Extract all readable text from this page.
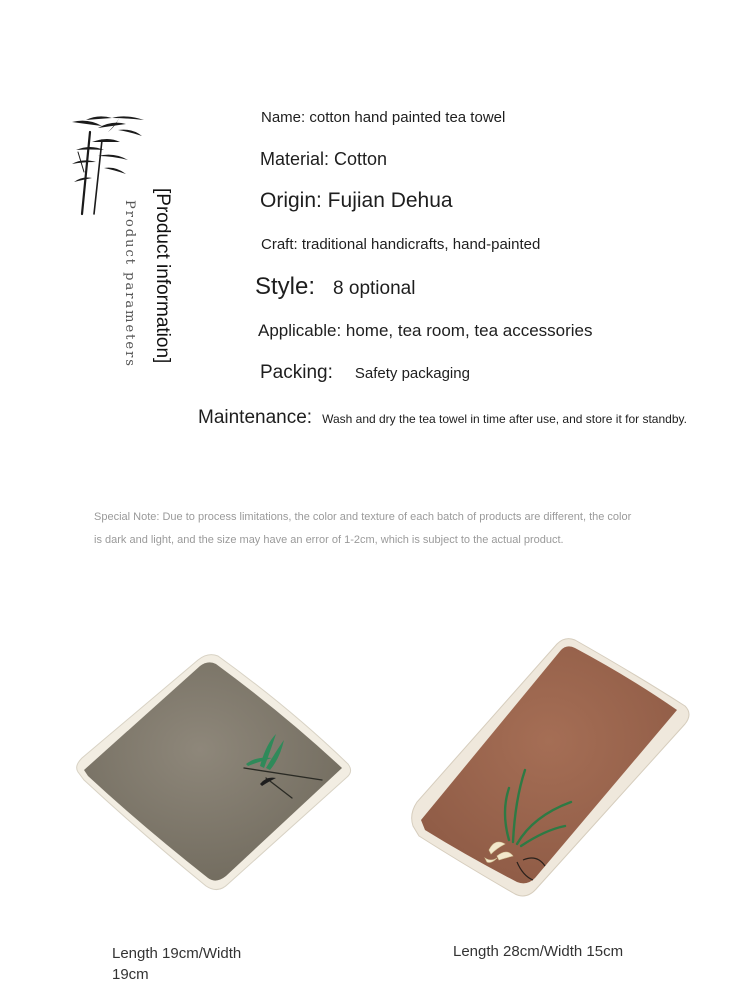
[Product information]
Product parameters
Name: cotton hand painted tea towel
Material: Cotton
Origin: Fujian Dehua
Craft: traditional handicrafts, hand-painted
Style: 8 optional
Applicable: home, tea room, tea accessories
Packing: Safety packaging
Maintenance: Wash and dry the tea towel in time after use, and store it for standby.
Special Note: Due to process limitations, the color and texture of each batch of products are different, the color is dark and light, and the size may have an error of 1-2cm, which is subject to the actual product.
Length 19cm/Width 19cm
Length 28cm/Width 15cm
